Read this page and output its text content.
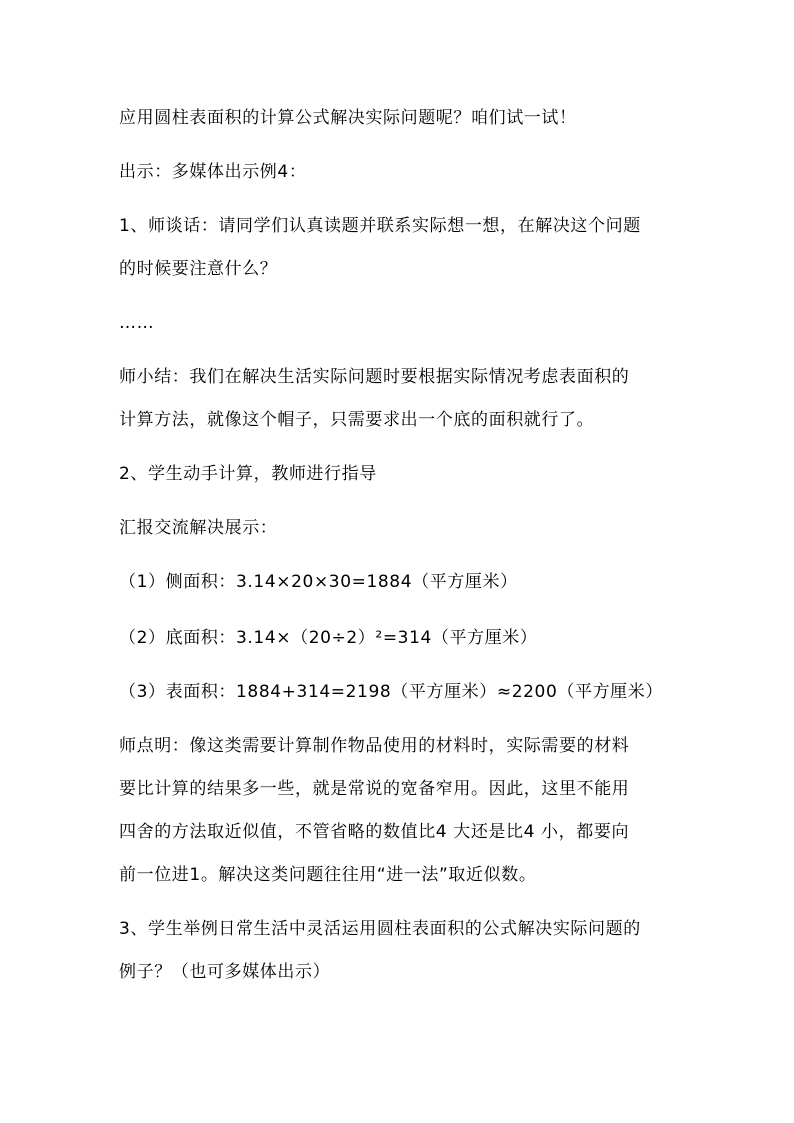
应用圆柱表面积的计算公式解决实际问题呢？咱们试一试！
出示：多媒体出示例4：
1、师谈话：请同学们认真读题并联系实际想一想，在解决这个问题
的时候要注意什么？
……
师小结：我们在解决生活实际问题时要根据实际情况考虑表面积的
计算方法，就像这个帽子，只需要求出一个底的面积就行了。
2、学生动手计算，教师进行指导
汇报交流解决展示：
（1）侧面积：3.14×20×30=1884（平方厘米）
（2）底面积：3.14×（20÷2）²=314（平方厘米）
（3）表面积：1884+314=2198（平方厘米）≈2200（平方厘米）
师点明：像这类需要计算制作物品使用的材料时，实际需要的材料
要比计算的结果多一些，就是常说的宽备窄用。因此，这里不能用
四舍的方法取近似值，不管省略的数值比4 大还是比4 小，都要向
前一位进1。解决这类问题往往用“进一法”取近似数。
3、学生举例日常生活中灵活运用圆柱表面积的公式解决实际问题的
例子？（也可多媒体出示）
